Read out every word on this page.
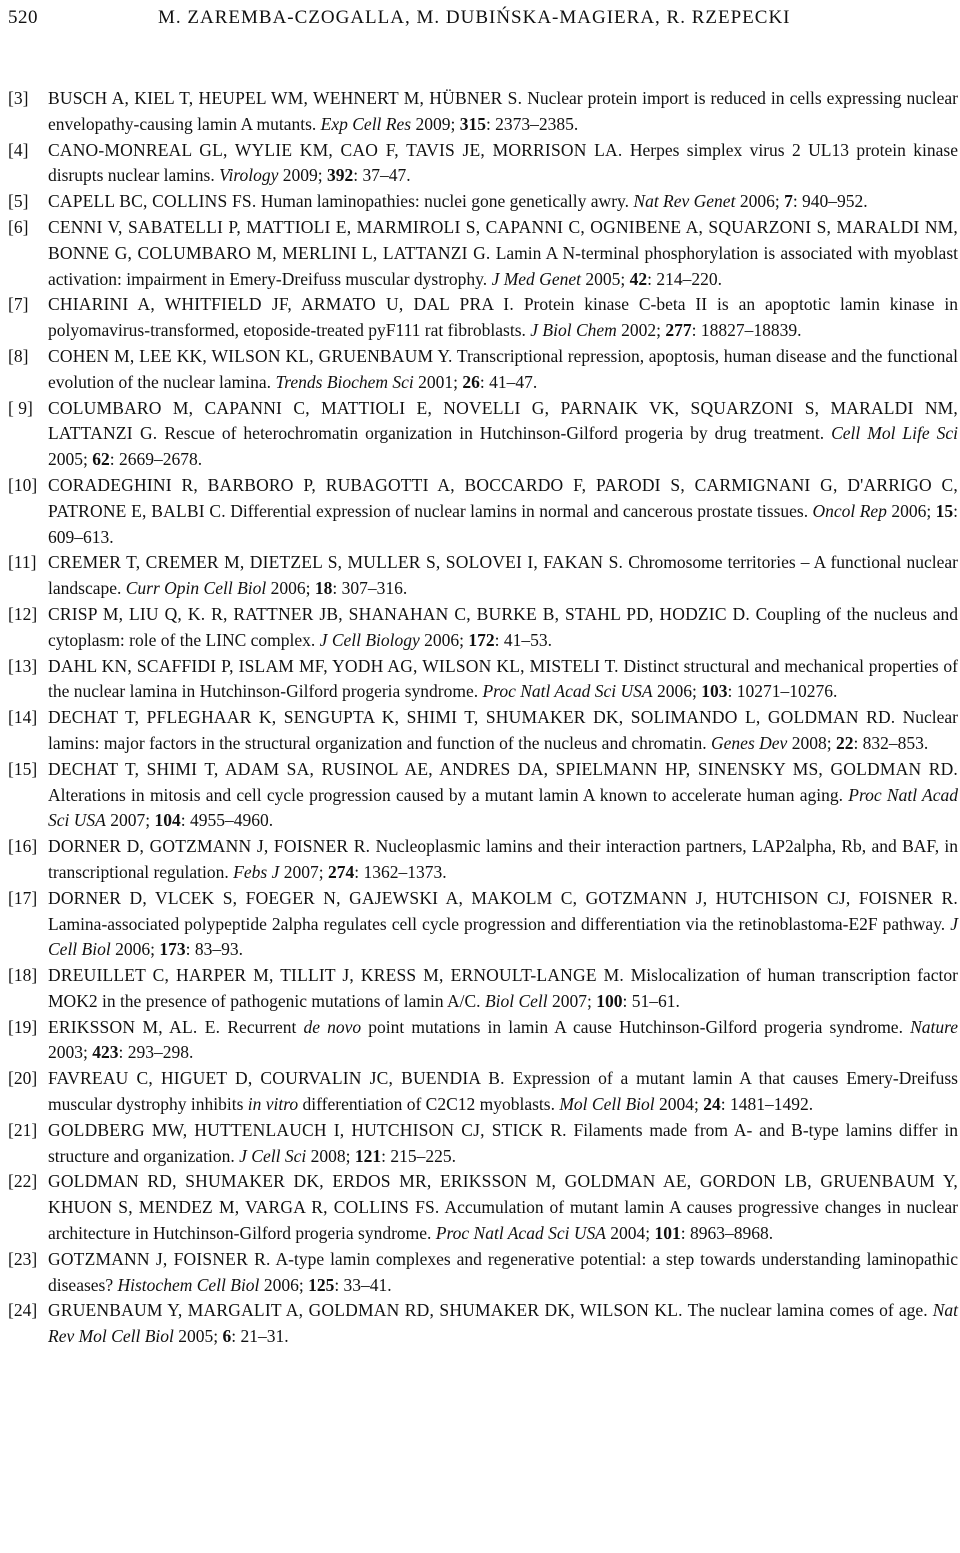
520	M. ZAREMBA-CZOGALLA, M. DUBIŃSKA-MAGIERA, R. RZEPECKI

[3] BUSCH A, KIEL T, HEUPEL WM, WEHNERT M, HÜBNER S. Nuclear protein import is reduced in cells expressing nuclear envelopathy-causing lamin A mutants. Exp Cell Res 2009; 315: 2373–2385.

[4] CANO-MONREAL GL, WYLIE KM, CAO F, TAVIS JE, MORRISON LA. Herpes simplex virus 2 UL13 protein kinase disrupts nuclear lamins. Virology 2009; 392: 37–47.

[5] CAPELL BC, COLLINS FS. Human laminopathies: nuclei gone genetically awry. Nat Rev Genet 2006; 7: 940–952.

[6] CENNI V, SABATELLI P, MATTIOLI E, MARMIROLI S, CAPANNI C, OGNIBENE A, SQUARZONI S, MARALDI NM, BONNE G, COLUMBARO M, MERLINI L, LATTANZI G. Lamin A N-terminal phosphorylation is associated with myoblast activation: impairment in Emery-Dreifuss muscular dystrophy. J Med Genet 2005; 42: 214–220.

[7] CHIARINI A, WHITFIELD JF, ARMATO U, DAL PRA I. Protein kinase C-beta II is an apoptotic lamin kinase in polyomavirus-transformed, etoposide-treated pyF111 rat fibroblasts. J Biol Chem 2002; 277: 18827–18839.

[8] COHEN M, LEE KK, WILSON KL, GRUENBAUM Y. Transcriptional repression, apoptosis, human disease and the functional evolution of the nuclear lamina. Trends Biochem Sci 2001; 26: 41–47.

[ 9] COLUMBARO M, CAPANNI C, MATTIOLI E, NOVELLI G, PARNAIK VK, SQUARZONI S, MARALDI NM, LATTANZI G. Rescue of heterochromatin organization in Hutchinson-Gilford progeria by drug treatment. Cell Mol Life Sci 2005; 62: 2669–2678.

[10] CORADEGHINI R, BARBORO P, RUBAGOTTI A, BOCCARDO F, PARODI S, CARMIGNANI G, D'ARRIGO C, PATRONE E, BALBI C. Differential expression of nuclear lamins in normal and cancerous prostate tissues. Oncol Rep 2006; 15: 609–613.

[11] CREMER T, CREMER M, DIETZEL S, MULLER S, SOLOVEI I, FAKAN S. Chromosome territories – A functional nuclear landscape. Curr Opin Cell Biol 2006; 18: 307–316.

[12] CRISP M, LIU Q, K. R, RATTNER JB, SHANAHAN C, BURKE B, STAHL PD, HODZIC D. Coupling of the nucleus and cytoplasm: role of the LINC complex. J Cell Biology 2006; 172: 41–53.

[13] DAHL KN, SCAFFIDI P, ISLAM MF, YODH AG, WILSON KL, MISTELI T. Distinct structural and mechanical properties of the nuclear lamina in Hutchinson-Gilford progeria syndrome. Proc Natl Acad Sci USA 2006; 103: 10271–10276.

[14] DECHAT T, PFLEGHAAR K, SENGUPTA K, SHIMI T, SHUMAKER DK, SOLIMANDO L, GOLDMAN RD. Nuclear lamins: major factors in the structural organization and function of the nucleus and chromatin. Genes Dev 2008; 22: 832–853.

[15] DECHAT T, SHIMI T, ADAM SA, RUSINOL AE, ANDRES DA, SPIELMANN HP, SINENSKY MS, GOLDMAN RD. Alterations in mitosis and cell cycle progression caused by a mutant lamin A known to accelerate human aging. Proc Natl Acad Sci USA 2007; 104: 4955–4960.

[16] DORNER D, GOTZMANN J, FOISNER R. Nucleoplasmic lamins and their interaction partners, LAP2alpha, Rb, and BAF, in transcriptional regulation. Febs J 2007; 274: 1362–1373.

[17] DORNER D, VLCEK S, FOEGER N, GAJEWSKI A, MAKOLM C, GOTZMANN J, HUTCHISON CJ, FOISNER R. Lamina-associated polypeptide 2alpha regulates cell cycle progression and differentiation via the retinoblastoma-E2F pathway. J Cell Biol 2006; 173: 83–93.

[18] DREUILLET C, HARPER M, TILLIT J, KRESS M, ERNOULT-LANGE M. Mislocalization of human transcription factor MOK2 in the presence of pathogenic mutations of lamin A/C. Biol Cell 2007; 100: 51–61.

[19] ERIKSSON M, AL. E. Recurrent de novo point mutations in lamin A cause Hutchinson-Gilford progeria syndrome. Nature 2003; 423: 293–298.

[20] FAVREAU C, HIGUET D, COURVALIN JC, BUENDIA B. Expression of a mutant lamin A that causes Emery-Dreifuss muscular dystrophy inhibits in vitro differentiation of C2C12 myoblasts. Mol Cell Biol 2004; 24: 1481–1492.

[21] GOLDBERG MW, HUTTENLAUCH I, HUTCHISON CJ, STICK R. Filaments made from A- and B-type lamins differ in structure and organization. J Cell Sci 2008; 121: 215–225.

[22] GOLDMAN RD, SHUMAKER DK, ERDOS MR, ERIKSSON M, GOLDMAN AE, GORDON LB, GRUENBAUM Y, KHUON S, MENDEZ M, VARGA R, COLLINS FS. Accumulation of mutant lamin A causes progressive changes in nuclear architecture in Hutchinson-Gilford progeria syndrome. Proc Natl Acad Sci USA 2004; 101: 8963–8968.

[23] GOTZMANN J, FOISNER R. A-type lamin complexes and regenerative potential: a step towards understanding laminopathic diseases? Histochem Cell Biol 2006; 125: 33–41.

[24] GRUENBAUM Y, MARGALIT A, GOLDMAN RD, SHUMAKER DK, WILSON KL. The nuclear lamina comes of age. Nat Rev Mol Cell Biol 2005; 6: 21–31.
